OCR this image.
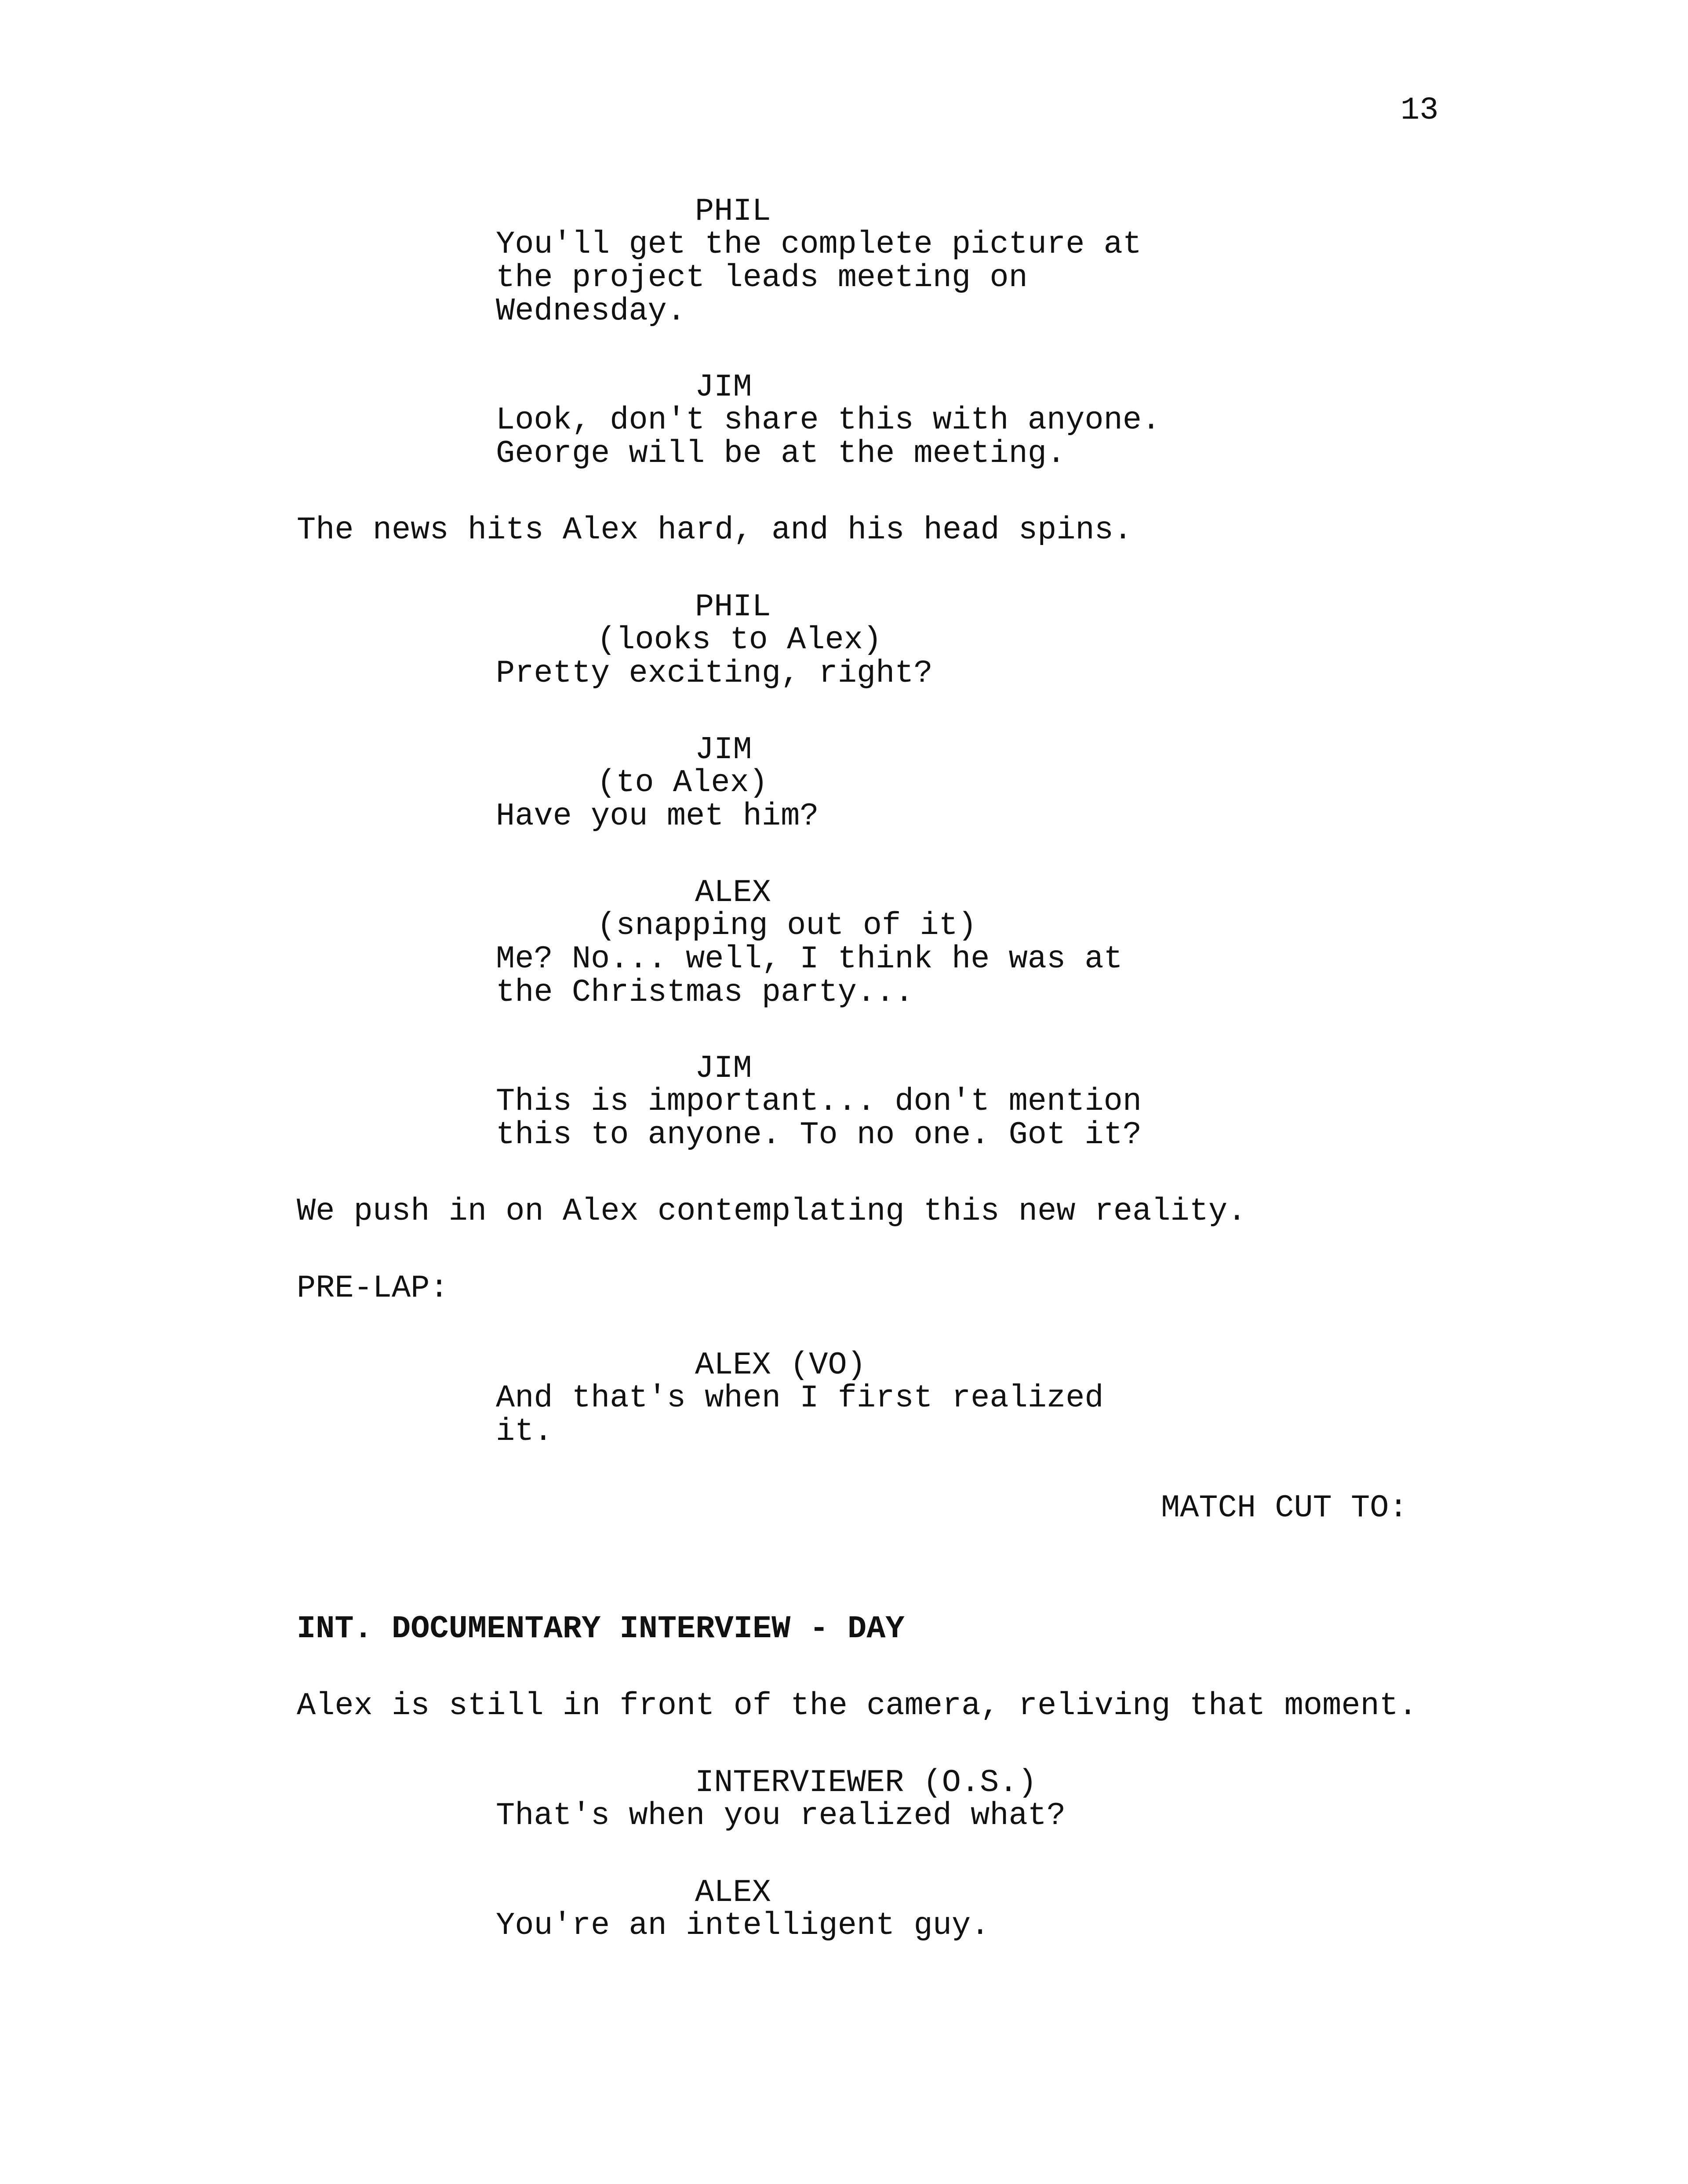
13
PHIL
You'll get the complete picture at
the project leads meeting on
Wednesday.
JIM
Look, don't share this with anyone.
George will be at the meeting.
The news hits Alex hard, and his head spins.
PHIL
(looks to Alex)
Pretty exciting, right?
JIM
(to Alex)
Have you met him?
ALEX
(snapping out of it)
Me? No... well, I think he was at
the Christmas party...
JIM
This is important... don't mention
this to anyone. To no one. Got it?
We push in on Alex contemplating this new reality.
PRE-LAP:
ALEX (VO)
And that's when I first realized
it.
MATCH CUT TO:
INT. DOCUMENTARY INTERVIEW - DAY
Alex is still in front of the camera, reliving that moment.
INTERVIEWER (O.S.)
That's when you realized what?
ALEX
You're an intelligent guy.
